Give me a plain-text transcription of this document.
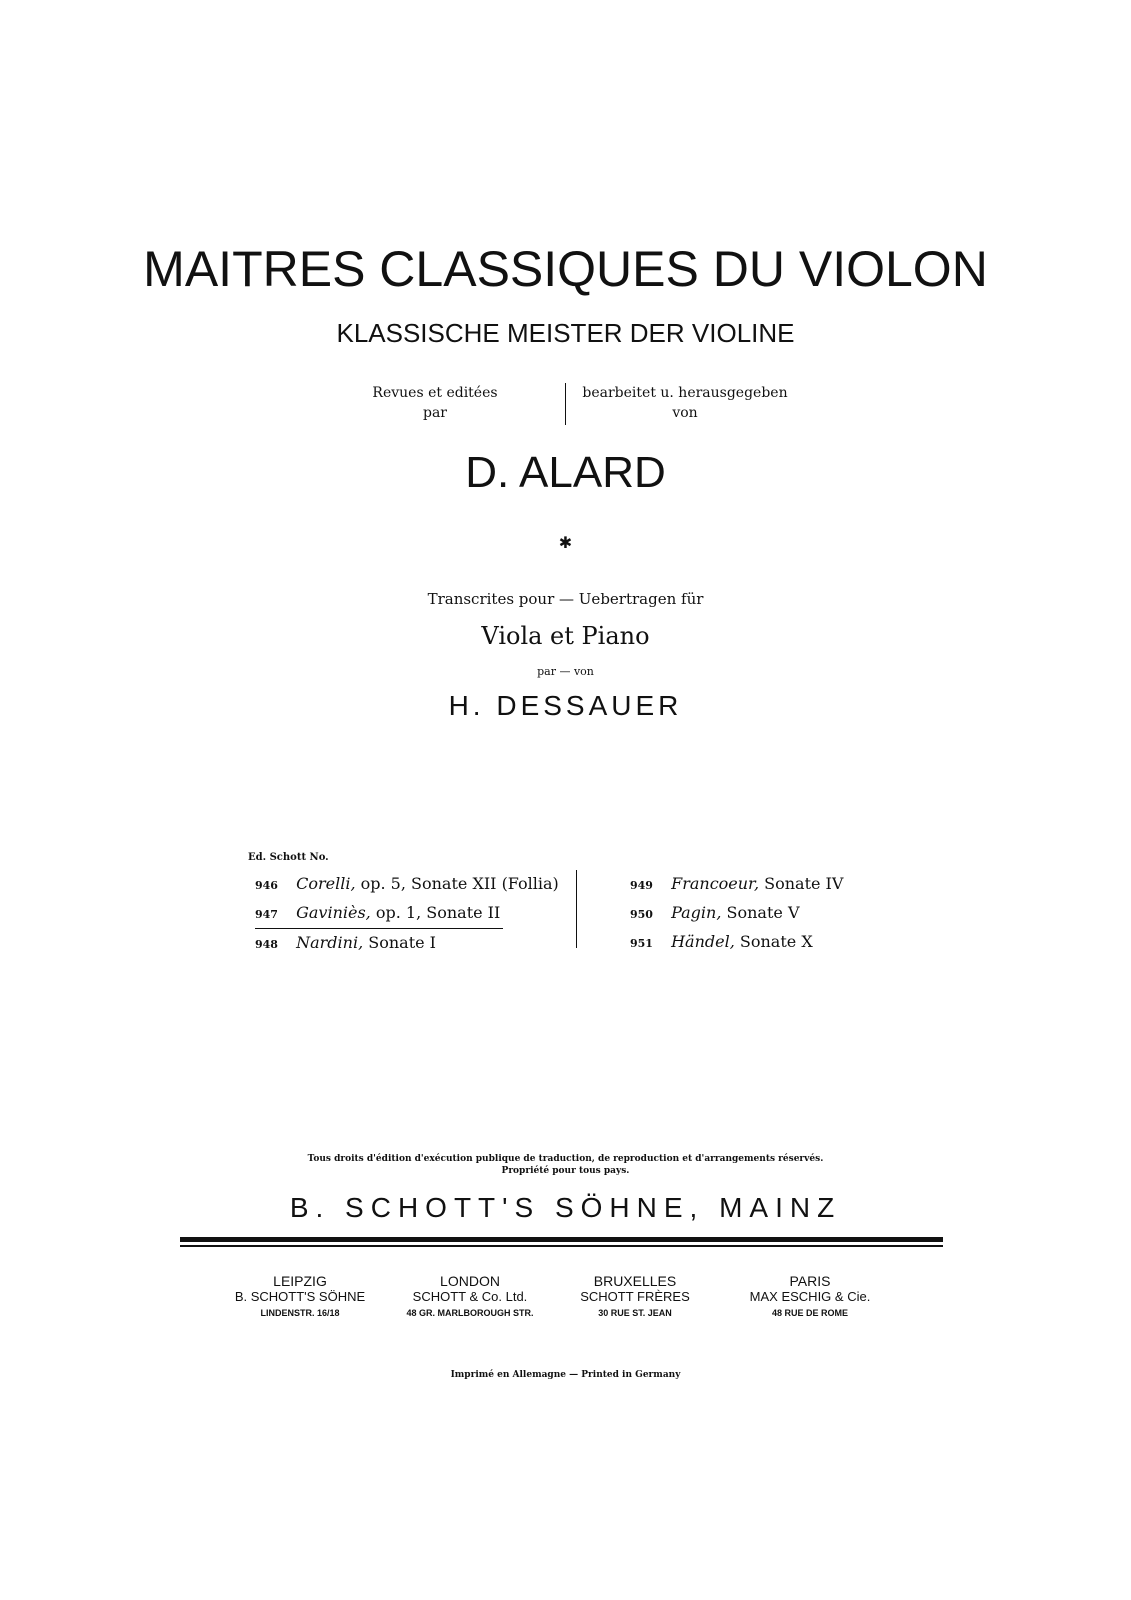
MAITRES CLASSIQUES DU VIOLON
KLASSISCHE MEISTER DER VIOLINE
Revues et editées
par
bearbeitet u. herausgegeben
von
D. ALARD
✱
Transcrites pour — Uebertragen für
Viola et Piano
par — von
H. DESSAUER
Ed. Schott No.
946 Corelli, op. 5, Sonate XII (Follia)
947 Gaviniès, op. 1, Sonate II
948 Nardini, Sonate I
949 Francoeur, Sonate IV
950 Pagin, Sonate V
951 Händel, Sonate X
Tous droits d'édition d'exécution publique de traduction, de reproduction et d'arrangements réservés.
Propriété pour tous pays.
B. SCHOTT'S SÖHNE, MAINZ
LEIPZIG
B. SCHOTT'S SÖHNE
LINDENSTR. 16/18
LONDON
SCHOTT & Co. Ltd.
48 GR. MARLBOROUGH STR.
BRUXELLES
SCHOTT FRÈRES
30 RUE ST. JEAN
PARIS
MAX ESCHIG & Cie.
48 RUE DE ROME
Imprimé en Allemagne — Printed in Germany
